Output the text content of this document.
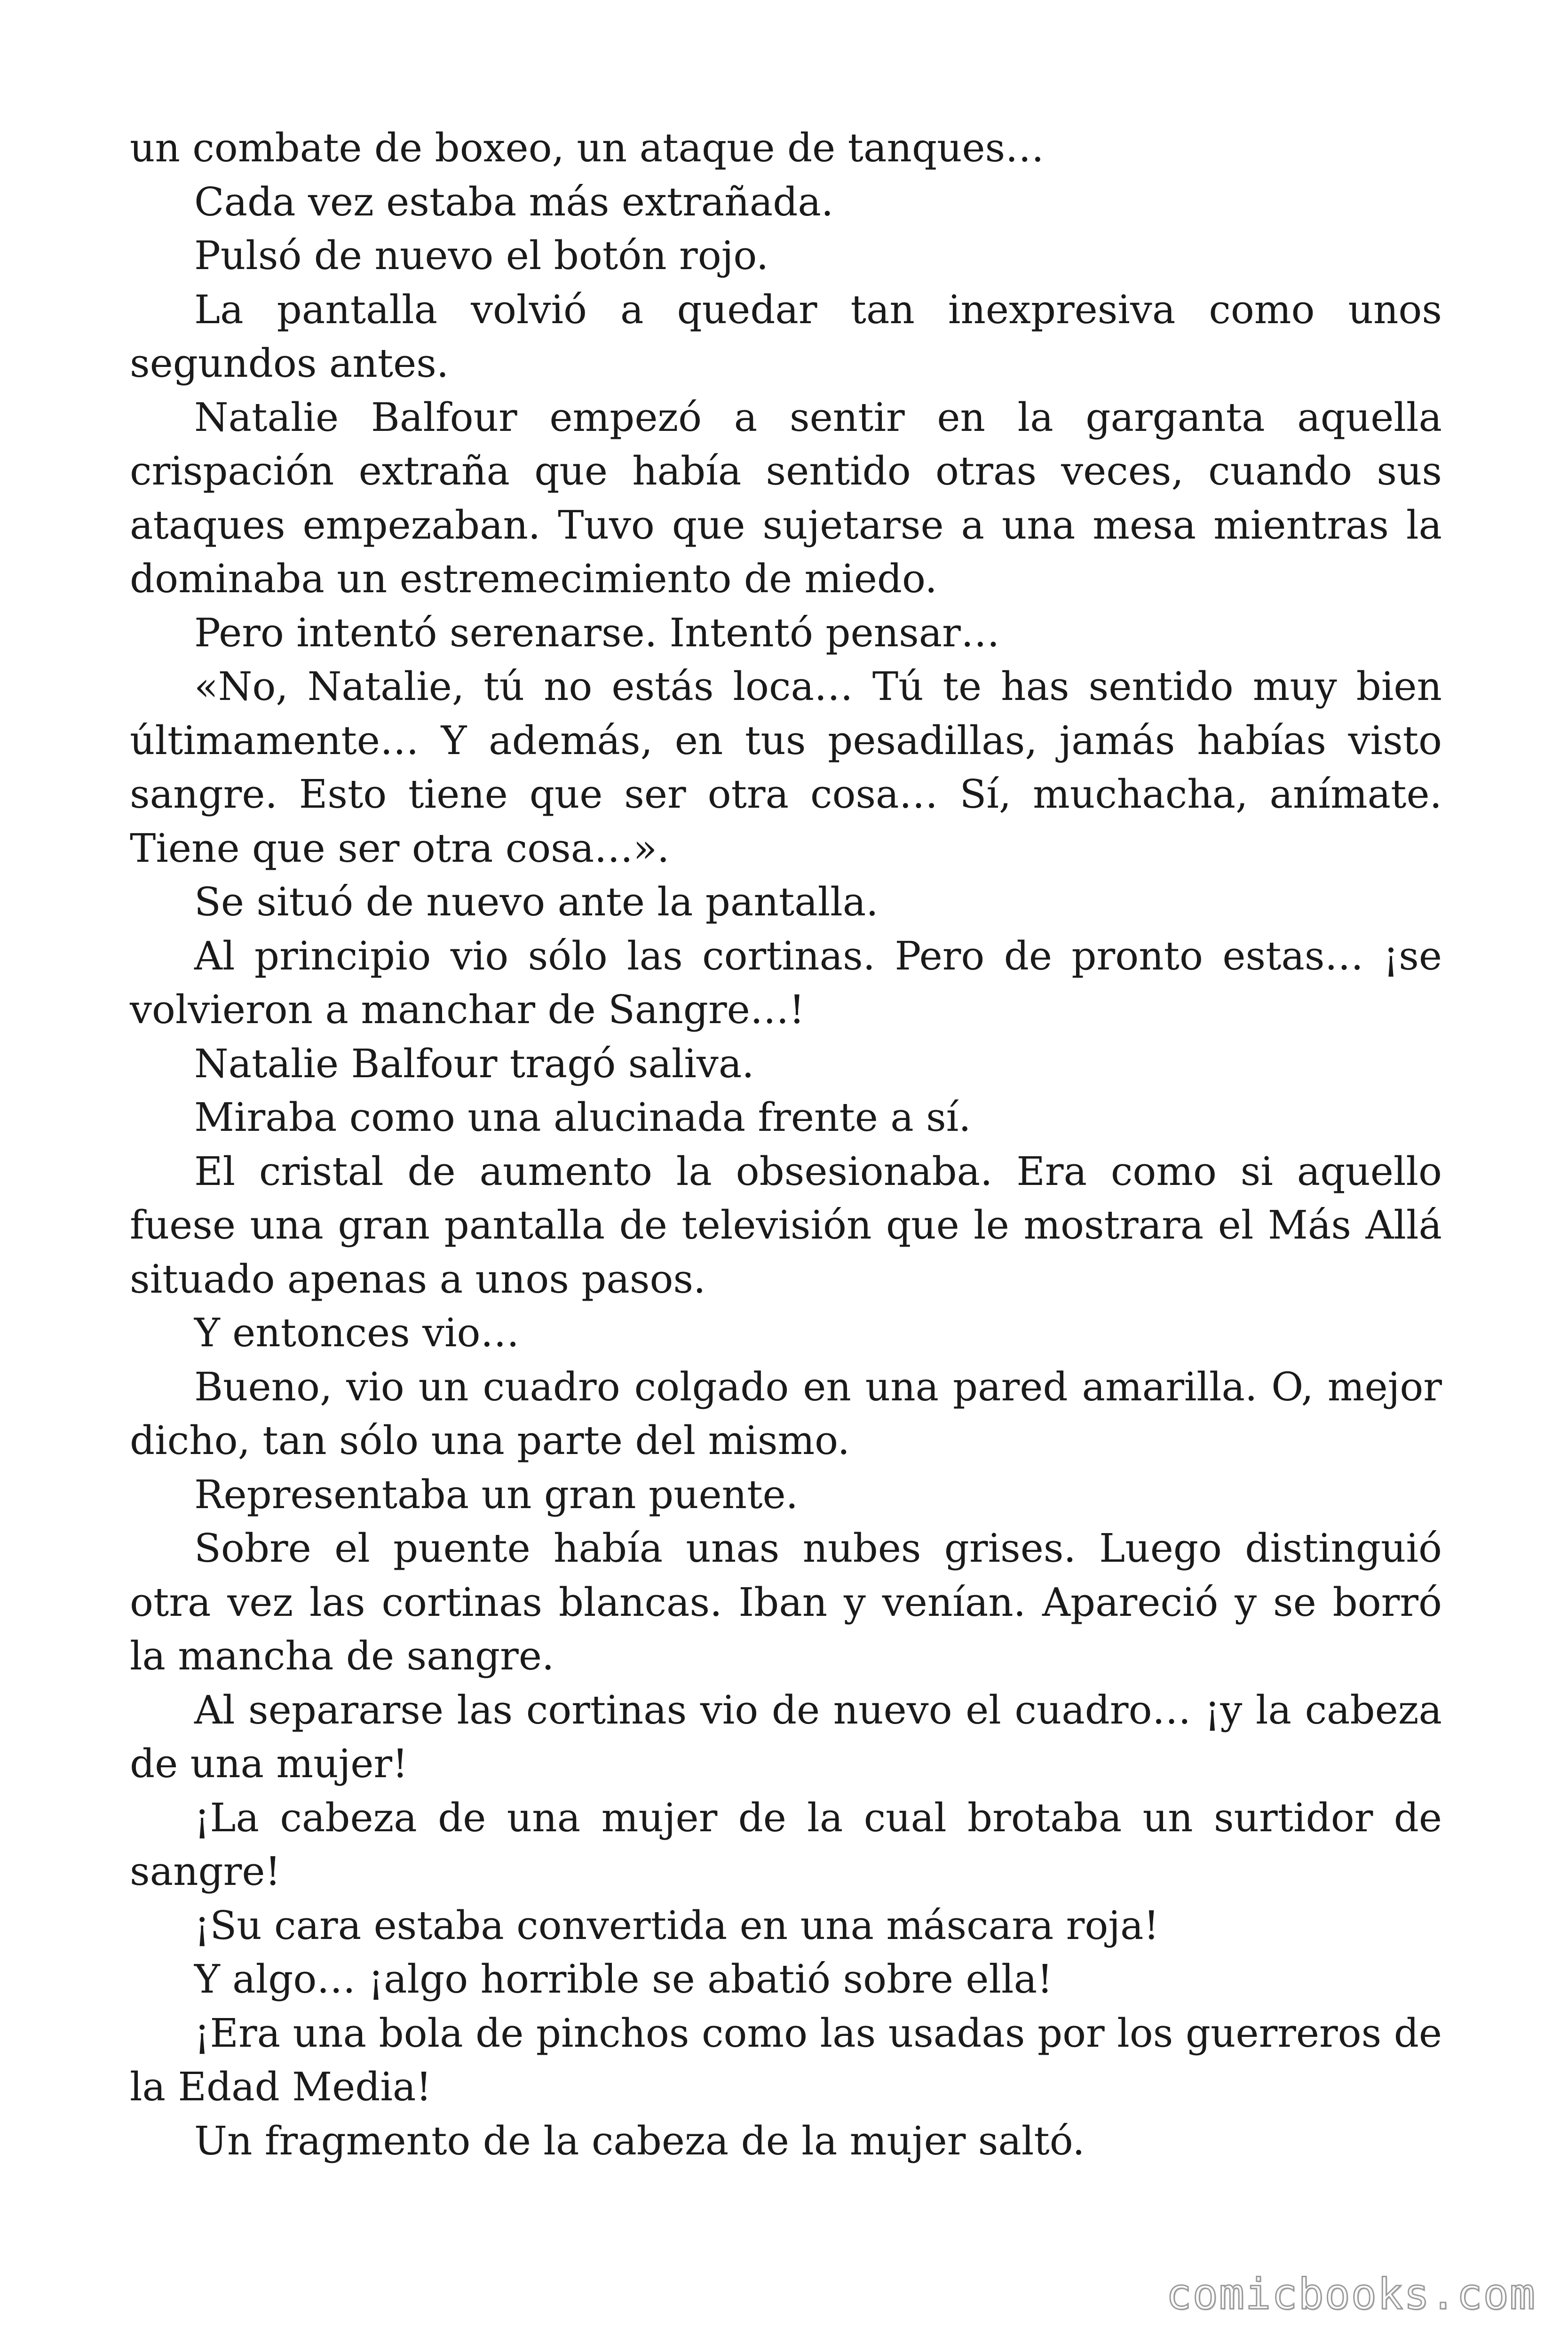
un combate de boxeo, un ataque de tanques…

Cada vez estaba más extrañada.

Pulsó de nuevo el botón rojo.

La pantalla volvió a quedar tan inexpresiva como unos segundos antes.

Natalie Balfour empezó a sentir en la garganta aquella crispación extraña que había sentido otras veces, cuando sus ataques empezaban. Tuvo que sujetarse a una mesa mientras la dominaba un estremecimiento de miedo.

Pero intentó serenarse. Intentó pensar…

«No, Natalie, tú no estás loca… Tú te has sentido muy bien últimamente… Y además, en tus pesadillas, jamás habías visto sangre. Esto tiene que ser otra cosa… Sí, muchacha, anímate. Tiene que ser otra cosa…».

Se situó de nuevo ante la pantalla.

Al principio vio sólo las cortinas. Pero de pronto estas… ¡se volvieron a manchar de Sangre…!

Natalie Balfour tragó saliva.

Miraba como una alucinada frente a sí.

El cristal de aumento la obsesionaba. Era como si aquello fuese una gran pantalla de televisión que le mostrara el Más Allá situado apenas a unos pasos.

Y entonces vio…

Bueno, vio un cuadro colgado en una pared amarilla. O, mejor dicho, tan sólo una parte del mismo.

Representaba un gran puente.

Sobre el puente había unas nubes grises. Luego distinguió otra vez las cortinas blancas. Iban y venían. Apareció y se borró la mancha de sangre.

Al separarse las cortinas vio de nuevo el cuadro… ¡y la cabeza de una mujer!

¡La cabeza de una mujer de la cual brotaba un surtidor de sangre!

¡Su cara estaba convertida en una máscara roja!

Y algo… ¡algo horrible se abatió sobre ella!

¡Era una bola de pinchos como las usadas por los guerreros de la Edad Media!

Un fragmento de la cabeza de la mujer saltó.

comicbooks.com
